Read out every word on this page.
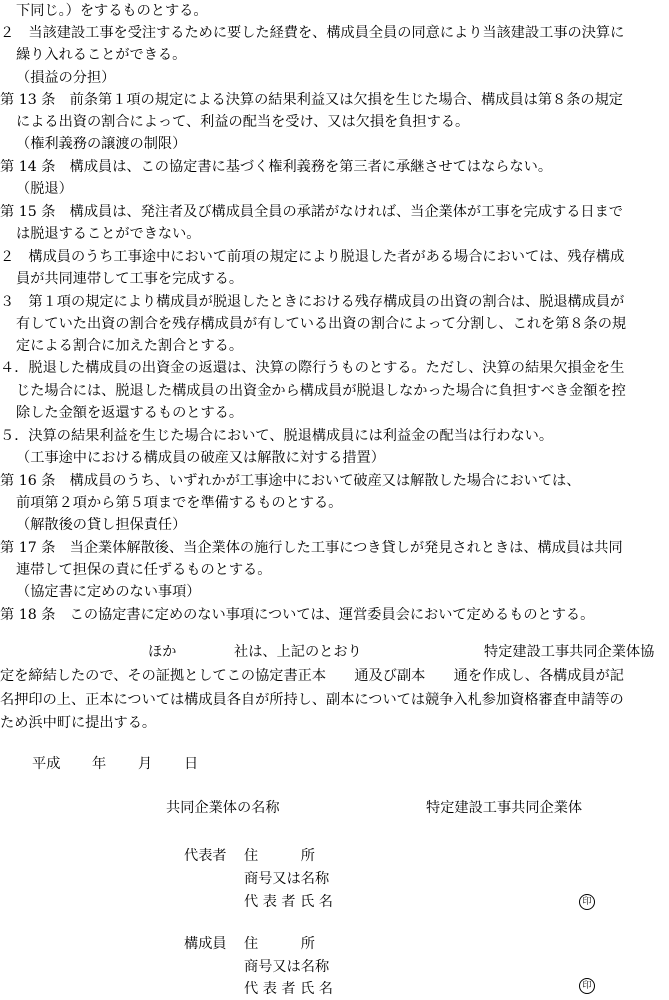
下同じ。）をするものとする。
２　当該建設工事を受注するために要した経費を、構成員全員の同意により当該建設工事の決算に
繰り入れることができる。
（損益の分担）
第 13 条　前条第１項の規定による決算の結果利益又は欠損を生じた場合、構成員は第８条の規定
による出資の割合によって、利益の配当を受け、又は欠損を負担する。
（権利義務の譲渡の制限）
第 14 条　構成員は、この協定書に基づく権利義務を第三者に承継させてはならない。
（脱退）
第 15 条　構成員は、発注者及び構成員全員の承諾がなければ、当企業体が工事を完成する日まで
は脱退することができない。
２　構成員のうち工事途中において前項の規定により脱退した者がある場合においては、残存構成
員が共同連帯して工事を完成する。
３　第１項の規定により構成員が脱退したときにおける残存構成員の出資の割合は、脱退構成員が
有していた出資の割合を残存構成員が有している出資の割合によって分割し、これを第８条の規
定による割合に加えた割合とする。
４．脱退した構成員の出資金の返還は、決算の際行うものとする。ただし、決算の結果欠損金を生
じた場合には、脱退した構成員の出資金から構成員が脱退しなかった場合に負担すべき金額を控
除した金額を返還するものとする。
５．決算の結果利益を生じた場合において、脱退構成員には利益金の配当は行わない。
（工事途中における構成員の破産又は解散に対する措置）
第 16 条　構成員のうち、いずれかが工事途中において破産又は解散した場合においては、
前項第２項から第５項までを準備するものとする。
（解散後の貸し担保責任）
第 17 条　当企業体解散後、当企業体の施行した工事につき貸しが発見されときは、構成員は共同
連帯して担保の責に任ずるものとする。
（協定書に定めのない事項）
第 18 条　この協定書に定めのない事項については、運営委員会において定めるものとする。
ほか	社は、上記のとおり	特定建設工事共同企業体協
定を締結したので、その証拠としてこの協定書正本　　通及び副本　　通を作成し、各構成員が記
名押印の上、正本については構成員各自が所持し、副本については競争入札参加資格審査申請等の
ため浜中町に提出する。
平成 年 月 日
共同企業体の名称	特定建設工事共同企業体
代表者 住　　　所
商号又は名称
代 表 者 氏 名	印
構成員 住　　　所
商号又は名称
代 表 者 氏 名	印
